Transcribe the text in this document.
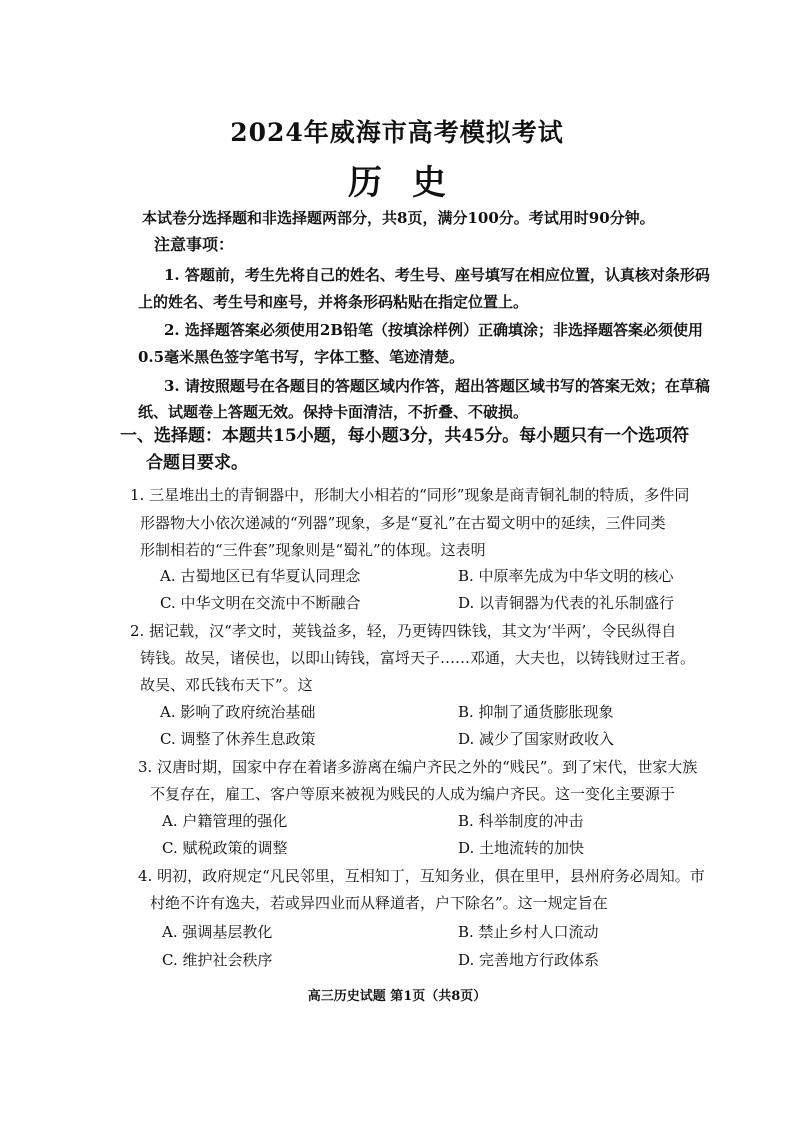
2024年威海市高考模拟考试
历史
本试卷分选择题和非选择题两部分，共8页，满分100分。考试用时90分钟。
注意事项：
1. 答题前，考生先将自己的姓名、考生号、座号填写在相应位置，认真核对条形码
上的姓名、考生号和座号，并将条形码粘贴在指定位置上。
2. 选择题答案必须使用2B铅笔（按填涂样例）正确填涂；非选择题答案必须使用
0.5毫米黑色签字笔书写，字体工整、笔迹清楚。
3. 请按照题号在各题目的答题区域内作答，超出答题区域书写的答案无效；在草稿
纸、试题卷上答题无效。保持卡面清洁，不折叠、不破损。
一、选择题：本题共15小题，每小题3分，共45分。每小题只有一个选项符
合题目要求。
1. 三星堆出土的青铜器中，形制大小相若的“同形”现象是商青铜礼制的特质，多件同
形器物大小依次递减的“列器”现象，多是“夏礼”在古蜀文明中的延续，三件同类
形制相若的“三件套”现象则是“蜀礼”的体现。这表明
A. 古蜀地区已有华夏认同理念	B. 中原率先成为中华文明的核心
C. 中华文明在交流中不断融合	D. 以青铜器为代表的礼乐制盛行
2. 据记载，汉“孝文时，荚钱益多，轻，乃更铸四铢钱，其文为‘半两’，令民纵得自
铸钱。故吴，诸侯也，以即山铸钱，富埒天子……邓通，大夫也，以铸钱财过王者。
故吴、邓氏钱布天下”。这
A. 影响了政府统治基础	B. 抑制了通货膨胀现象
C. 调整了休养生息政策	D. 减少了国家财政收入
3. 汉唐时期，国家中存在着诸多游离在编户齐民之外的“贱民”。到了宋代，世家大族
不复存在，雇工、客户等原来被视为贱民的人成为编户齐民。这一变化主要源于
A. 户籍管理的强化	B. 科举制度的冲击
C. 赋税政策的调整	D. 土地流转的加快
4. 明初，政府规定“凡民邻里，互相知丁，互知务业，俱在里甲，县州府务必周知。市
村绝不许有逸夫，若或异四业而从释道者，户下除名”。这一规定旨在
A. 强调基层教化	B. 禁止乡村人口流动
C. 维护社会秩序	D. 完善地方行政体系
高三历史试题 第1页（共8页）
